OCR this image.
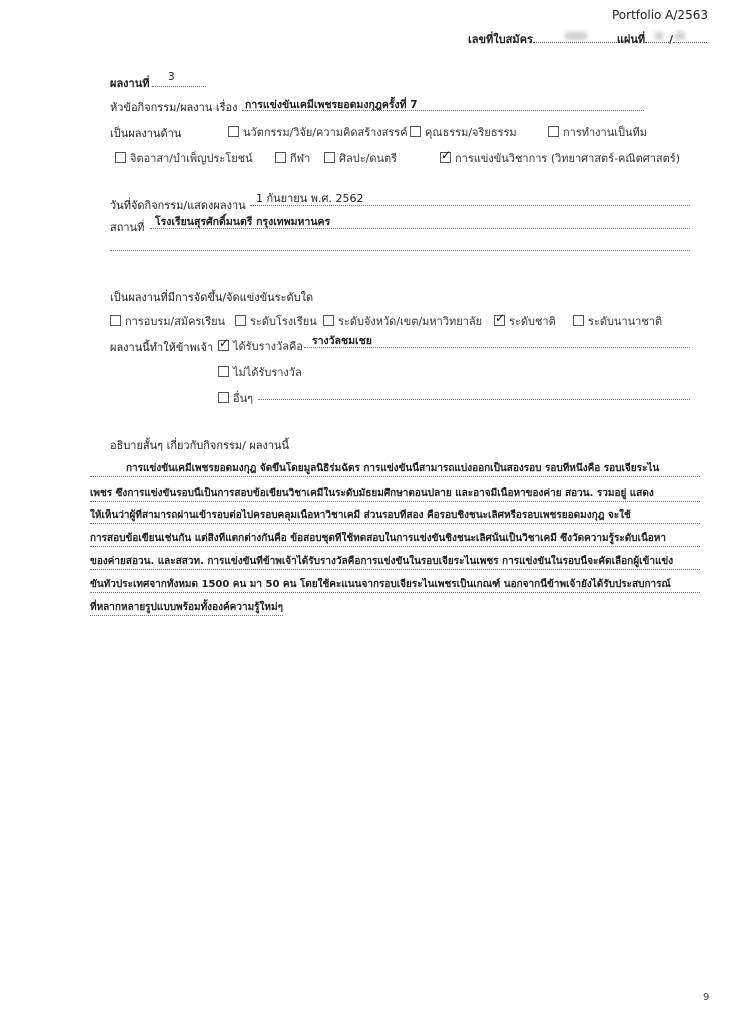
Portfolio A/2563
เลขที่ใบสมัคร	แผ่นที่ /
ผลงานที่ 3
หัวข้อกิจกรรม/ผลงาน เรื่อง การแข่งขันเคมีเพชรยอดมงกุฎครั้งที่ 7
เป็นผลงานด้าน	นวัตกรรม/วิจัย/ความคิดสร้างสรรค์	คุณธรรม/จริยธรรม	การทำงานเป็นทีม
จิตอาสา/บำเพ็ญประโยชน์	กีฬา	ศิลปะ/ดนตรี ✓	การแข่งขันวิชาการ (วิทยาศาสตร์-คณิตศาสตร์)
วันที่จัดกิจกรรม/แสดงผลงาน
1 กันยายน พ.ศ. 2562
สถานที่ โรงเรียนสุรศักดิ์มนตรี กรุงเทพมหานคร
เป็นผลงานที่มีการจัดขึ้น/จัดแข่งขันระดับใด
การอบรม/สมัครเรียน	ระดับโรงเรียน	ระดับจังหวัด/เขต/มหาวิทยาลัย ✓	ระดับชาติ	ระดับนานาชาติ
ผลงานนี้ทำให้ข้าพเจ้า ✓	ได้รับรางวัลคือ รางวัลชมเชย
ไม่ได้รับรางวัล
อื่นๆ
อธิบายสั้นๆ เกี่ยวกับกิจกรรม/ ผลงานนี้
การแข่งขันเคมีเพชรยอดมงกุฎ จัดขึ้นโดยมูลนิธิร่มฉัตร การแข่งขันนี้สามารถแบ่งออกเป็นสองรอบ รอบที่หนึ่งคือ รอบเจียระไน
เพชร ซึ่งการแข่งขันรอบนี้เป็นการสอบข้อเขียนวิชาเคมีในระดับมัธยมศึกษาตอนปลาย และอาจมีเนื้อหาของค่าย สอวน. รวมอยู่ แสดง
ให้เห็นว่าผู้ที่สามารถผ่านเข้ารอบต่อไปครอบคลุมเนื้อหาวิชาเคมี ส่วนรอบที่สอง คือรอบชิงชนะเลิศหรือรอบเพชรยอดมงกุฎ จะใช้
การสอบข้อเขียนเช่นกัน แต่สิ่งที่แตกต่างกันคือ ข้อสอบชุดที่ใช้ทดสอบในการแข่งขันชิงชนะเลิศนั้นเป็นวิชาเคมี ซึ่งวัดความรู้ระดับเนื้อหา
ของค่ายสอวน. และสสวท. การแข่งขันที่ข้าพเจ้าได้รับรางวัลคือการแข่งขันในรอบเจียระไนเพชร การแข่งขันในรอบนี้จะคัดเลือกผู้เข้าแข่ง
ขันทั่วประเทศจากทั้งหมด 1500 คน มา 50 คน โดยใช้คะแนนจากรอบเจียระไนเพชรเป็นเกณฑ์ นอกจากนี้ข้าพเจ้ายังได้รับประสบการณ์
ที่หลากหลายรูปแบบพร้อมทั้งองค์ความรู้ใหม่ๆ
9
